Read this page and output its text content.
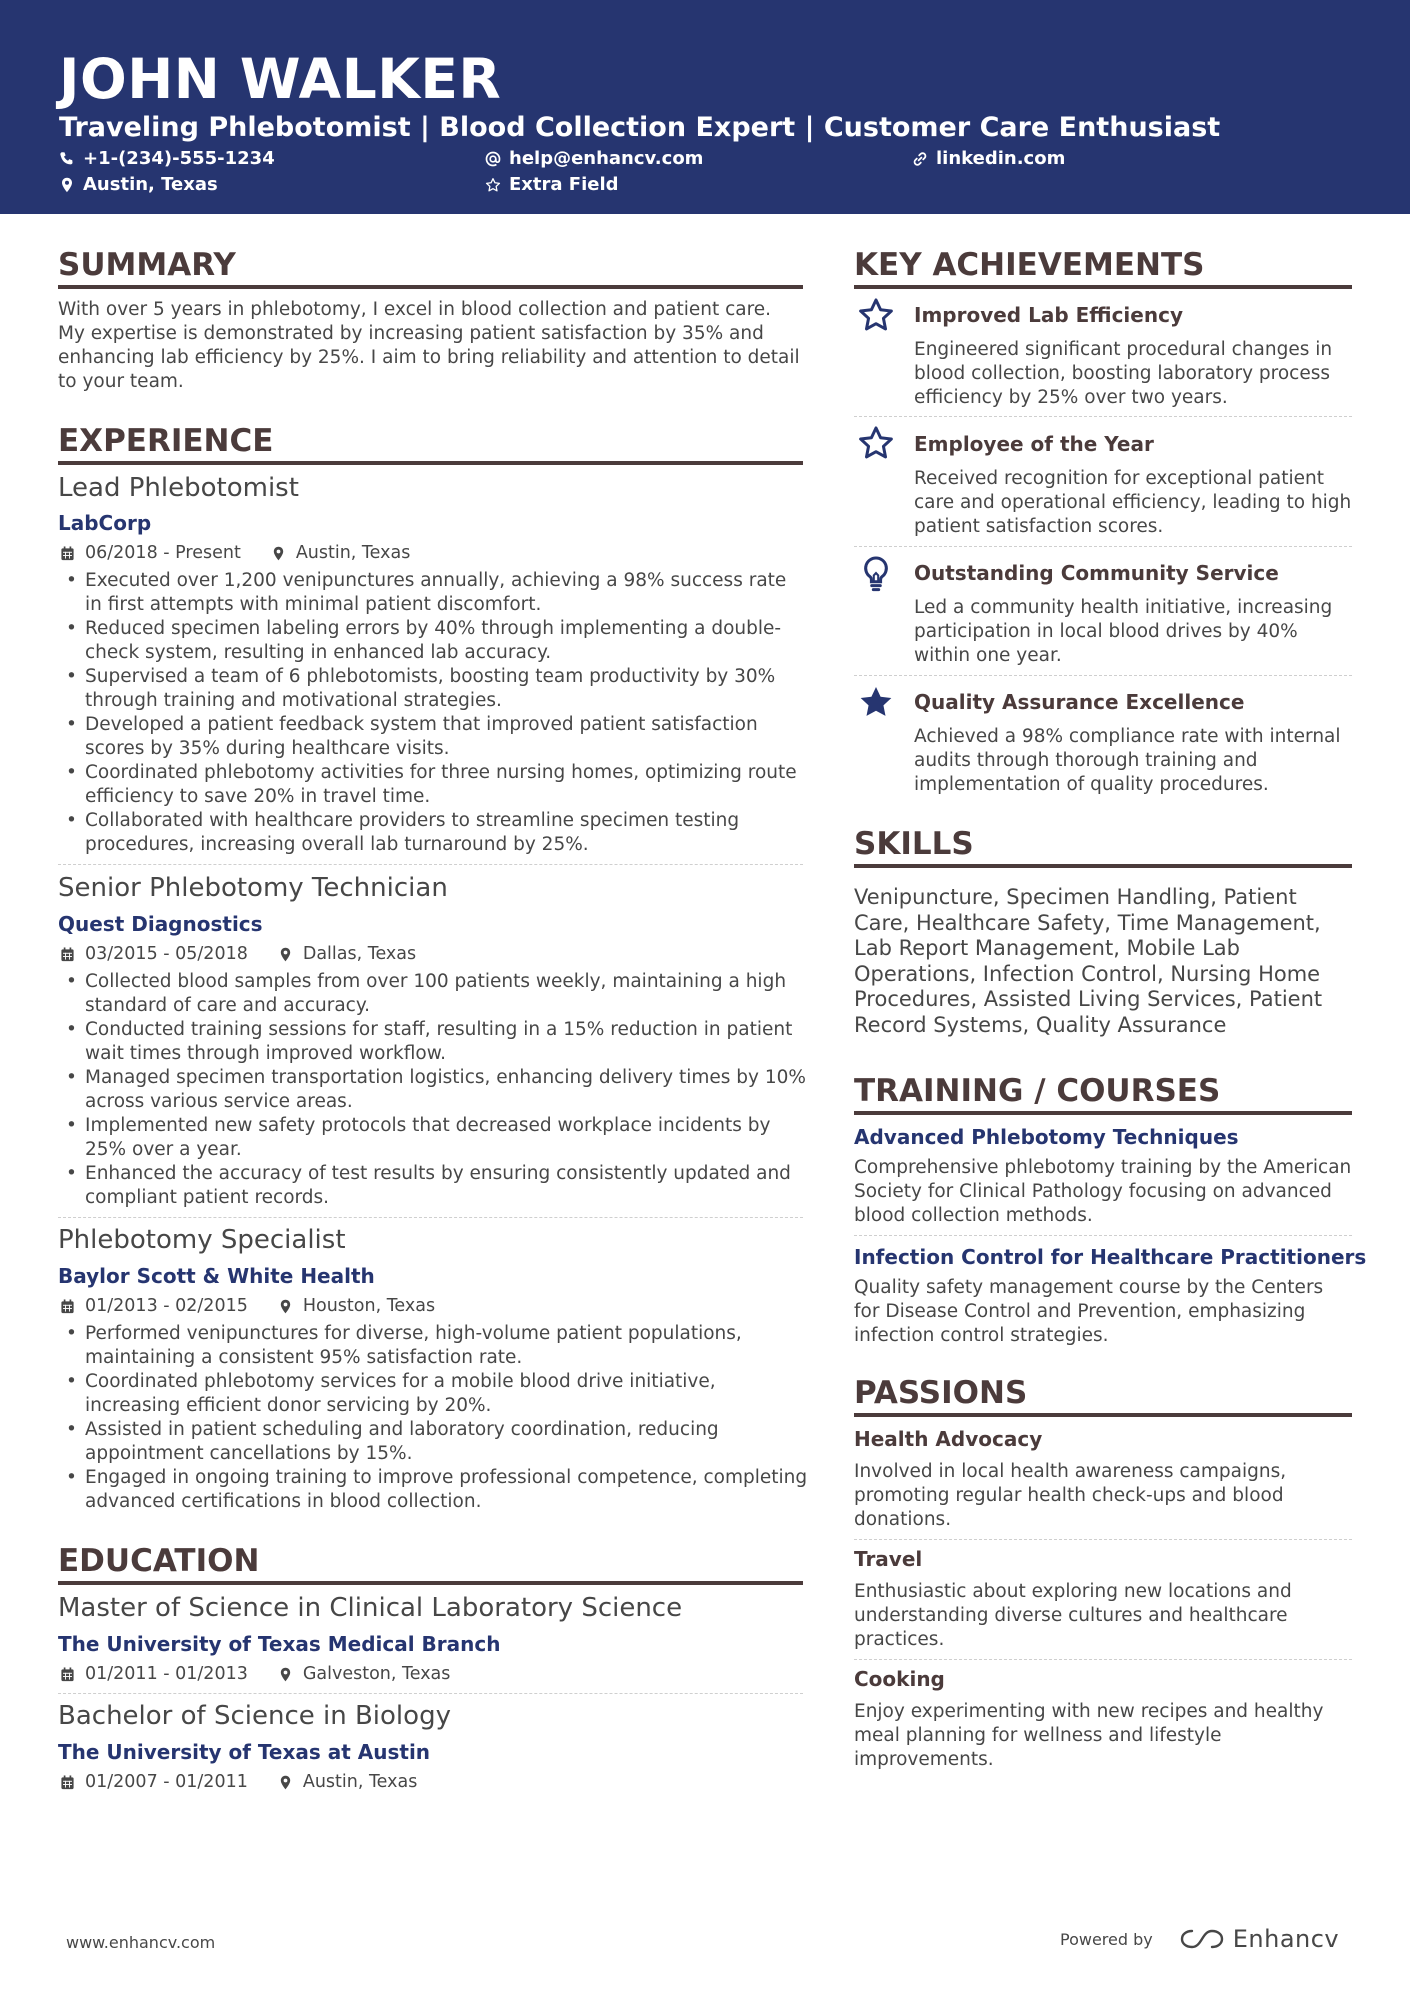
JOHN WALKER
Traveling Phlebotomist | Blood Collection Expert | Customer Care Enthusiast
+1-(234)-555-1234	help@enhancv.com	linkedin.com
Austin, Texas	Extra Field
SUMMARY
With over 5 years in phlebotomy, I excel in blood collection and patient care. My expertise is demonstrated by increasing patient satisfaction by 35% and enhancing lab efficiency by 25%. I aim to bring reliability and attention to detail to your team.
EXPERIENCE
Lead Phlebotomist
LabCorp
06/2018 - Present	Austin, Texas
• Executed over 1,200 venipunctures annually, achieving a 98% success rate in first attempts with minimal patient discomfort.
• Reduced specimen labeling errors by 40% through implementing a double-check system, resulting in enhanced lab accuracy.
• Supervised a team of 6 phlebotomists, boosting team productivity by 30% through training and motivational strategies.
• Developed a patient feedback system that improved patient satisfaction scores by 35% during healthcare visits.
• Coordinated phlebotomy activities for three nursing homes, optimizing route efficiency to save 20% in travel time.
• Collaborated with healthcare providers to streamline specimen testing procedures, increasing overall lab turnaround by 25%.
Senior Phlebotomy Technician
Quest Diagnostics
03/2015 - 05/2018	Dallas, Texas
• Collected blood samples from over 100 patients weekly, maintaining a high standard of care and accuracy.
• Conducted training sessions for staff, resulting in a 15% reduction in patient wait times through improved workflow.
• Managed specimen transportation logistics, enhancing delivery times by 10% across various service areas.
• Implemented new safety protocols that decreased workplace incidents by 25% over a year.
• Enhanced the accuracy of test results by ensuring consistently updated and compliant patient records.
Phlebotomy Specialist
Baylor Scott & White Health
01/2013 - 02/2015	Houston, Texas
• Performed venipunctures for diverse, high-volume patient populations, maintaining a consistent 95% satisfaction rate.
• Coordinated phlebotomy services for a mobile blood drive initiative, increasing efficient donor servicing by 20%.
• Assisted in patient scheduling and laboratory coordination, reducing appointment cancellations by 15%.
• Engaged in ongoing training to improve professional competence, completing advanced certifications in blood collection.
EDUCATION
Master of Science in Clinical Laboratory Science
The University of Texas Medical Branch
01/2011 - 01/2013	Galveston, Texas
Bachelor of Science in Biology
The University of Texas at Austin
01/2007 - 01/2011	Austin, Texas
KEY ACHIEVEMENTS
Improved Lab Efficiency
Engineered significant procedural changes in blood collection, boosting laboratory process efficiency by 25% over two years.
Employee of the Year
Received recognition for exceptional patient care and operational efficiency, leading to high patient satisfaction scores.
Outstanding Community Service
Led a community health initiative, increasing participation in local blood drives by 40% within one year.
Quality Assurance Excellence
Achieved a 98% compliance rate with internal audits through thorough training and implementation of quality procedures.
SKILLS
Venipuncture, Specimen Handling, Patient Care, Healthcare Safety, Time Management, Lab Report Management, Mobile Lab Operations, Infection Control, Nursing Home Procedures, Assisted Living Services, Patient Record Systems, Quality Assurance
TRAINING / COURSES
Advanced Phlebotomy Techniques
Comprehensive phlebotomy training by the American Society for Clinical Pathology focusing on advanced blood collection methods.
Infection Control for Healthcare Practitioners
Quality safety management course by the Centers for Disease Control and Prevention, emphasizing infection control strategies.
PASSIONS
Health Advocacy
Involved in local health awareness campaigns, promoting regular health check-ups and blood donations.
Travel
Enthusiastic about exploring new locations and understanding diverse cultures and healthcare practices.
Cooking
Enjoy experimenting with new recipes and healthy meal planning for wellness and lifestyle improvements.
www.enhancv.com	Powered by	Enhancv
